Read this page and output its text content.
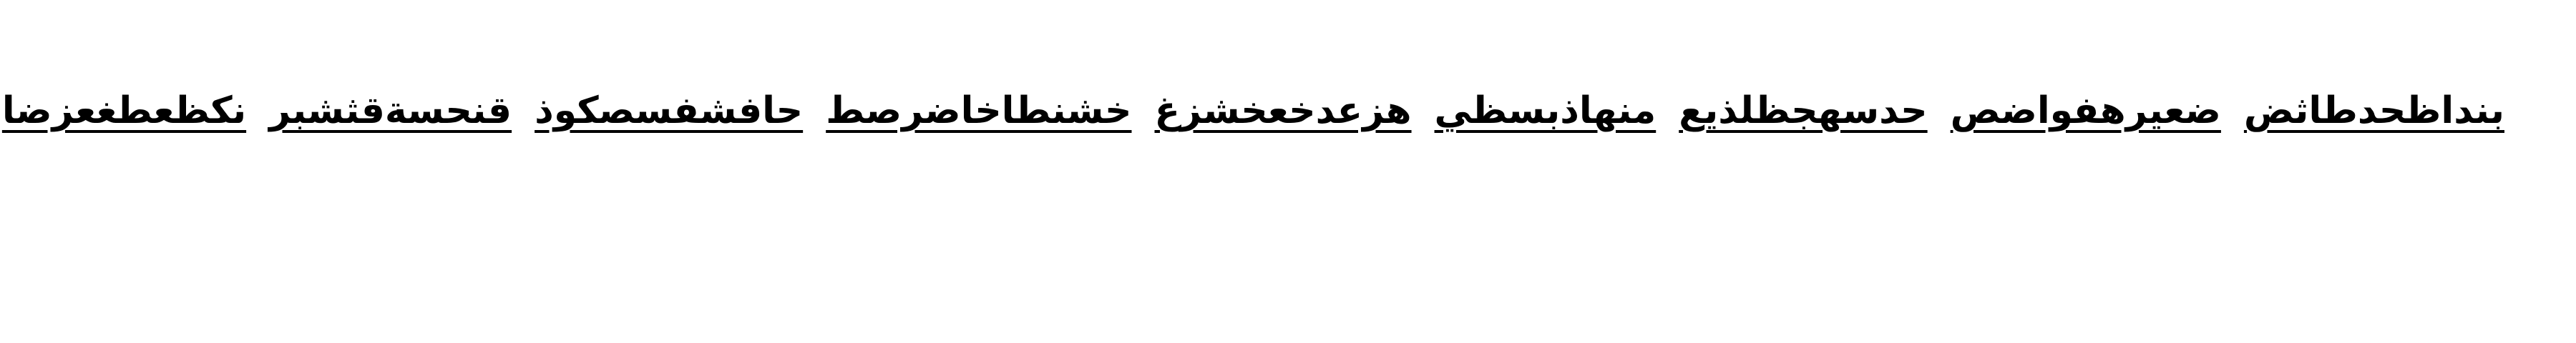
بنداظحدطاثضضعيرهفواضصحدسهجظلذيعمنهاذبسظيهزعدخعخشزغخشنطاخاضرصطحافشفسصكوذقنحسةقثشبرنكظعطغعزضا
